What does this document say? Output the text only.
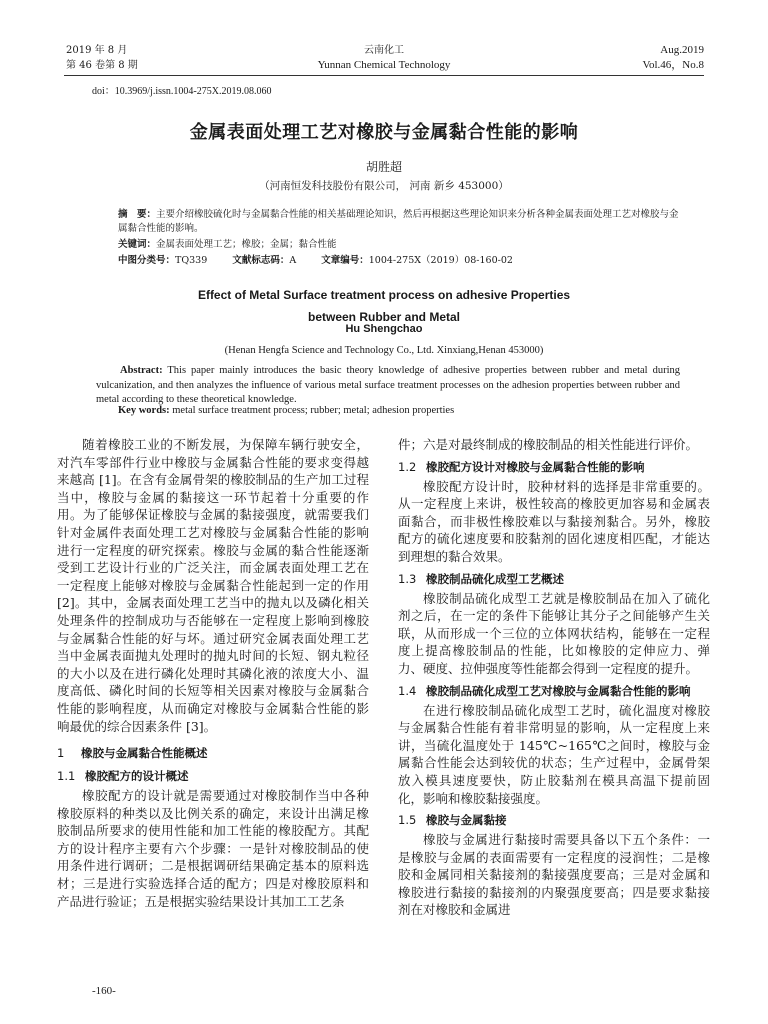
2019 年 8 月
第 46 卷第 8 期
云南化工
Yunnan Chemical Technology
Aug.2019
Vol.46，No.8
doi：10.3969/j.issn.1004-275X.2019.08.060
金属表面处理工艺对橡胶与金属黏合性能的影响
胡胜超
（河南恒发科技股份有限公司， 河南 新乡 453000）

摘　要：主要介绍橡胶硫化时与金属黏合性能的相关基础理论知识，然后再根据这些理论知识来分析各种金属表面处理工艺对橡胶与金属黏合性能的影响。

关键词：金属表面处理工艺；橡胶；金属；黏合性能
中图分类号：TQ339	文献标志码：A	文章编号：1004-275X（2019）08-160-02
Effect of Metal Surface treatment process on adhesive Properties
between Rubber and Metal
Hu Shengchao
(Henan Hengfa Science and Technology Co., Ltd. Xinxiang,Henan 453000)

Abstract: This paper mainly introduces the basic theory knowledge of adhesive properties between rubber and metal during vulcanization, and then analyzes the influence of various metal surface treatment processes on the adhesion properties between rubber and metal according to these theoretical knowledge.

Key words: metal surface treatment process; rubber; metal; adhesion properties

随着橡胶工业的不断发展，为保障车辆行驶安全，对汽车零部件行业中橡胶与金属黏合性能的要求变得越来越高 [1]。在含有金属骨架的橡胶制品的生产加工过程当中，橡胶与金属的黏接这一环节起着十分重要的作用。为了能够保证橡胶与金属的黏接强度，就需要我们针对金属件表面处理工艺对橡胶与金属黏合性能的影响进行一定程度的研究探索。橡胶与金属的黏合性能逐渐受到工艺设计行业的广泛关注，而金属表面处理工艺在一定程度上能够对橡胶与金属黏合性能起到一定的作用 [2]。其中，金属表面处理工艺当中的抛丸以及磷化相关处理条件的控制成功与否能够在一定程度上影响到橡胶与金属黏合性能的好与坏。通过研究金属表面处理工艺当中金属表面抛丸处理时的抛丸时间的长短、钢丸粒径的大小以及在进行磷化处理时其磷化液的浓度大小、温度高低、磷化时间的长短等相关因素对橡胶与金属黏合性能的影响程度，从而确定对橡胶与金属黏合性能的影响最优的综合因素条件 [3]。

1 橡胶与金属黏合性能概述
1.1 橡胶配方的设计概述

橡胶配方的设计就是需要通过对橡胶制作当中各种橡胶原料的种类以及比例关系的确定，来设计出满足橡胶制品所要求的使用性能和加工性能的橡胶配方。其配方的设计程序主要有六个步骤：一是针对橡胶制品的使用条件进行调研；二是根据调研结果确定基本的原料选材；三是进行实验选择合适的配方；四是对橡胶原料和产品进行验证；五是根据实验结果设计其加工工艺条

件；六是对最终制成的橡胶制品的相关性能进行评价。

1.2 橡胶配方设计对橡胶与金属黏合性能的影响

橡胶配方设计时，胶种材料的选择是非常重要的。从一定程度上来讲，极性较高的橡胶更加容易和金属表面黏合，而非极性橡胶难以与黏接剂黏合。另外，橡胶配方的硫化速度要和胶黏剂的固化速度相匹配，才能达到理想的黏合效果。

1.3 橡胶制品硫化成型工艺概述

橡胶制品硫化成型工艺就是橡胶制品在加入了硫化剂之后，在一定的条件下能够让其分子之间能够产生关联，从而形成一个三位的立体网状结构，能够在一定程度上提高橡胶制品的性能，比如橡胶的定伸应力、弹力、硬度、拉伸强度等性能都会得到一定程度的提升。

1.4 橡胶制品硫化成型工艺对橡胶与金属黏合性能的影响

在进行橡胶制品硫化成型工艺时，硫化温度对橡胶与金属黏合性能有着非常明显的影响，从一定程度上来讲，当硫化温度处于 145℃~165℃之间时，橡胶与金属黏合性能会达到较优的状态；生产过程中，金属骨架放入模具速度要快，防止胶黏剂在模具高温下提前固化，影响和橡胶黏接强度。

1.5 橡胶与金属黏接

橡胶与金属进行黏接时需要具备以下五个条件：一是橡胶与金属的表面需要有一定程度的浸润性；二是橡胶和金属同相关黏接剂的黏接强度要高；三是对金属和橡胶进行黏接的黏接剂的内聚强度要高；四是要求黏接剂在对橡胶和金属进

-160-
